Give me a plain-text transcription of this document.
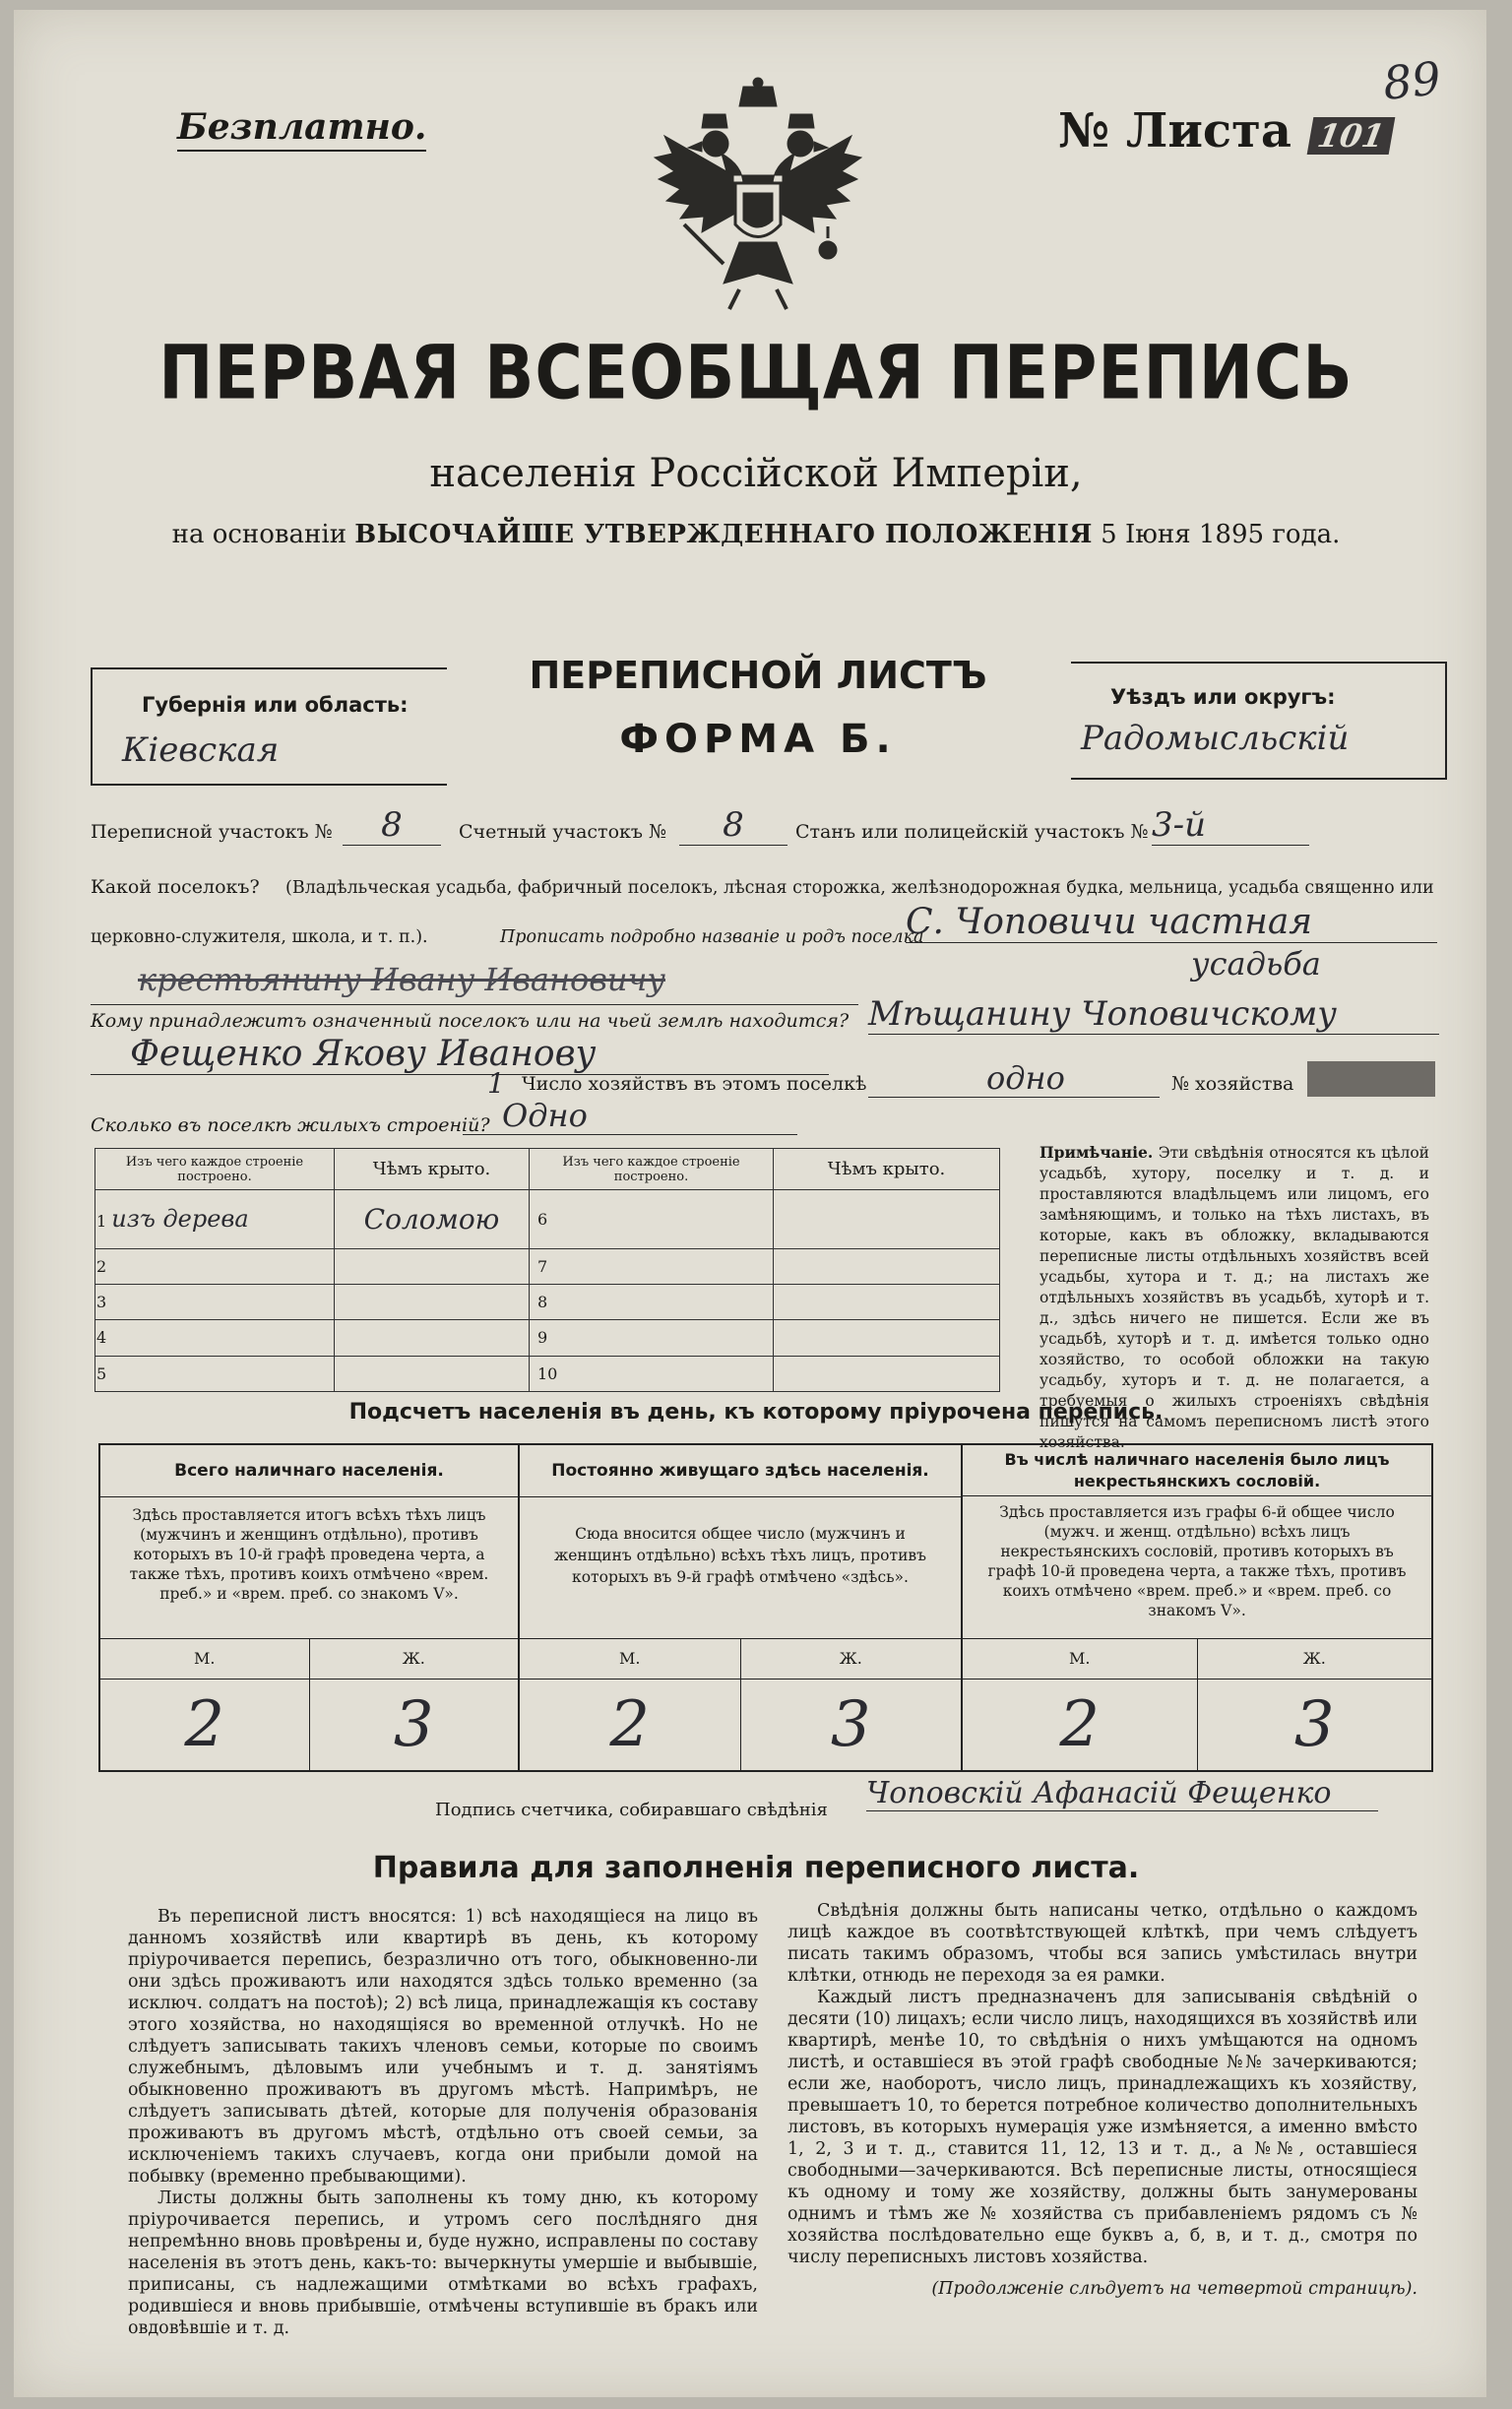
89
Безплатно.	№ Листа 101
ПЕРВАЯ ВСЕОБЩАЯ ПЕРЕПИСЬ
населенія Россійской Имперіи,
на основаніи ВЫСОЧАЙШЕ УТВЕРЖДЕННАГО ПОЛОЖЕНІЯ 5 Іюня 1895 года.
Губернія или область:
Кіевская
ПЕРЕПИСНОЙ ЛИСТЪ
ФОРМА Б.
Уѣздъ или округъ:
Радомысльскій
Переписной участокъ №	8	Счетный участокъ №	8	Станъ или полицейскій участокъ № 3-й
Какой поселокъ? (Владѣльческая усадьба, фабричный поселокъ, лѣсная сторожка, желѣзнодорожная будка, мельница, усадьба священно или
церковно-служителя, школа, и т. п.).	Прописать подробно названіе и родъ поселка
С. Чоповичи частная
крестьянину Ивану Ивановичу	усадьба
Кому принадлежитъ означенный поселокъ или на чьей землѣ находится? Мѣщанину Чоповичскому
Фещенко Якову Иванову
1 Число хозяйствъ въ этомъ поселкѣ	одно	№ хозяйства
Сколько въ поселкѣ жилыхъ строеній? Одно
Изъ чего каждое строеніе построено.	Чѣмъ крыто.	Изъ чего каждое строеніе построено.	Чѣмъ крыто.
1 изъ дерева	Соломою	6	
2		7	
3		8	
4		9	
5		10	
Примѣчаніе. Эти свѣдѣнія относятся къ цѣлой усадьбѣ, хутору, поселку и т. д. и проставляются владѣльцемъ или лицомъ, его замѣняющимъ, и только на тѣхъ листахъ, въ которые, какъ въ обложку, вкладываются переписные листы отдѣльныхъ хозяйствъ всей усадьбы, хутора и т. д.; на листахъ же отдѣльныхъ хозяйствъ въ усадьбѣ, хуторѣ и т. д., здѣсь ничего не пишется. Если же въ усадьбѣ, хуторѣ и т. д. имѣется только одно хозяйство, то особой обложки на такую усадьбу, хуторъ и т. д. не полагается, а требуемыя о жилыхъ строеніяхъ свѣдѣнія пишутся на самомъ переписномъ листѣ этого хозяйства.
Подсчетъ населенія въ день, къ которому пріурочена перепись.
Всего наличнаго населенія.
Здѣсь проставляется итогъ всѣхъ тѣхъ лицъ (мужчинъ и женщинъ отдѣльно), противъ которыхъ въ 10-й графѣ проведена черта, а также тѣхъ, противъ коихъ отмѣчено «врем. преб.» и «врем. преб. со знакомъ V».
М.	Ж.
2	3
Постоянно живущаго здѣсь населенія.
Сюда вносится общее число (мужчинъ и женщинъ отдѣльно) всѣхъ тѣхъ лицъ, противъ которыхъ въ 9-й графѣ отмѣчено «здѣсь».
М.	Ж.
2	3
Въ числѣ наличнаго населенія было лицъ некрестьянскихъ сословій.
Здѣсь проставляется изъ графы 6-й общее число (мужч. и женщ. отдѣльно) всѣхъ лицъ некрестьянскихъ сословій, противъ которыхъ въ графѣ 10-й проведена черта, а также тѣхъ, противъ коихъ отмѣчено «врем. преб.» и «врем. преб. со знакомъ V».
М.	Ж.
2	3
Подпись счетчика, собиравшаго свѣдѣнія Чоповскій Афанасій Фещенко
Правила для заполненія переписного листа.
Въ переписной листъ вносятся: 1) всѣ находящіеся на лицо въ данномъ хозяйствѣ или квартирѣ въ день, къ которому пріурочивается перепись, безразлично отъ того, обыкновенно-ли они здѣсь проживаютъ или находятся здѣсь только временно (за исключ. солдатъ на постоѣ); 2) всѣ лица, принадлежащія къ составу этого хозяйства, но находящіяся во временной отлучкѣ. Но не слѣдуетъ записывать такихъ членовъ семьи, которые по своимъ служебнымъ, дѣловымъ или учебнымъ и т. д. занятіямъ обыкновенно проживаютъ въ другомъ мѣстѣ. Напримѣръ, не слѣдуетъ записывать дѣтей, которые для полученія образованія проживаютъ въ другомъ мѣстѣ, отдѣльно отъ своей семьи, за исключеніемъ такихъ случаевъ, когда они прибыли домой на побывку (временно пребывающими).
Листы должны быть заполнены къ тому дню, къ которому пріурочивается перепись, и утромъ сего послѣдняго дня непремѣнно вновь провѣрены и, буде нужно, исправлены по составу населенія въ этотъ день, какъ-то: вычеркнуты умершіе и выбывшіе, приписаны, съ надлежащими отмѣтками во всѣхъ графахъ, родившіеся и вновь прибывшіе, отмѣчены вступившіе въ бракъ или овдовѣвшіе и т. д.
Свѣдѣнія должны быть написаны четко, отдѣльно о каждомъ лицѣ каждое въ соотвѣтствующей клѣткѣ, при чемъ слѣдуетъ писать такимъ образомъ, чтобы вся запись умѣстилась внутри клѣтки, отнюдь не переходя за ея рамки.
Каждый листъ предназначенъ для записыванія свѣдѣній о десяти (10) лицахъ; если число лицъ, находящихся въ хозяйствѣ или квартирѣ, менѣе 10, то свѣдѣнія о нихъ умѣщаются на одномъ листѣ, и оставшіеся въ этой графѣ свободные №№ зачеркиваются; если же, наоборотъ, число лицъ, принадлежащихъ къ хозяйству, превышаетъ 10, то берется потребное количество дополнительныхъ листовъ, въ которыхъ нумерація уже измѣняется, а именно вмѣсто 1, 2, 3 и т. д., ставится 11, 12, 13 и т. д., а №№, оставшіеся свободными—зачеркиваются. Всѣ переписные листы, относящіеся къ одному и тому же хозяйству, должны быть занумерованы однимъ и тѣмъ же № хозяйства съ прибавленіемъ рядомъ съ № хозяйства послѣдовательно еще буквъ а, б, в, и т. д., смотря по числу переписныхъ листовъ хозяйства.
(Продолженіе слѣдуетъ на четвертой страницѣ).
